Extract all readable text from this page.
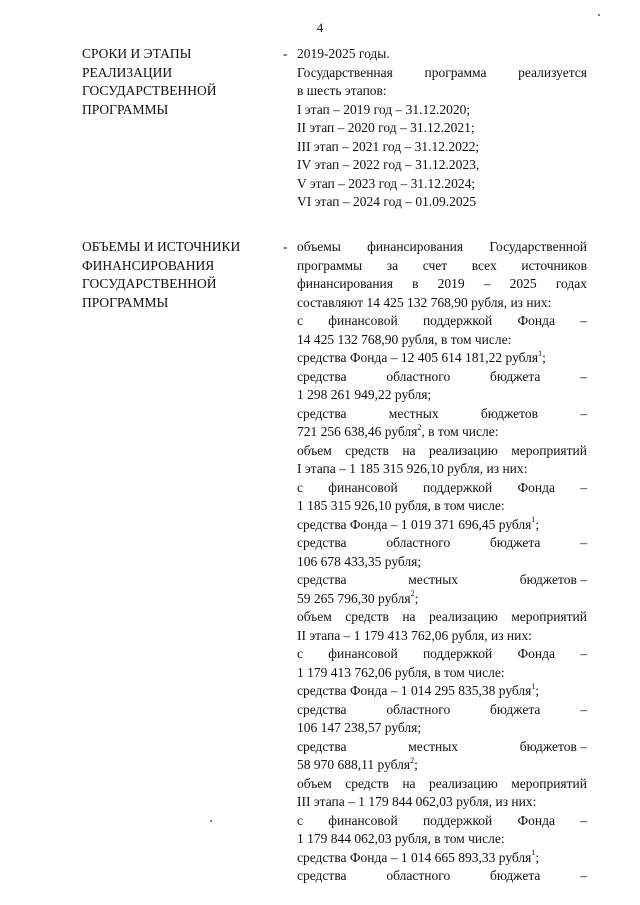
4
СРОКИ И ЭТАПЫ
РЕАЛИЗАЦИИ
ГОСУДАРСТВЕННОЙ
ПРОГРАММЫ
- 2019-2025 годы.
Государственная программа реализуется
в шесть этапов:
I этап – 2019 год – 31.12.2020;
II этап – 2020 год – 31.12.2021;
III этап – 2021 год – 31.12.2022;
IV этап – 2022 год – 31.12.2023,
V этап – 2023 год – 31.12.2024;
VI этап – 2024 год – 01.09.2025
ОБЪЕМЫ И ИСТОЧНИКИ
ФИНАНСИРОВАНИЯ
ГОСУДАРСТВЕННОЙ
ПРОГРАММЫ
- объемы финансирования Государственной
программы за счет всех источников
финансирования в 2019 – 2025 годах
составляют 14 425 132 768,90 рубля, из них:
с финансовой поддержкой Фонда –
14 425 132 768,90 рубля, в том числе:
средства Фонда – 12 405 614 181,22 рубля$^1$;
средства	областного	бюджета	–
1 298 261 949,22 рубля;
средства	местных	бюджетов	–
721 256 638,46 рубля$^2$, в том числе:
объем средств на реализацию мероприятий
I этапа – 1 185 315 926,10 рубля, из них:
с финансовой поддержкой Фонда –
1 185 315 926,10 рубля, в том числе:
средства Фонда – 1 019 371 696,45 рубля$^1$;
средства	областного	бюджета	–
106 678 433,35 рубля;
средства	местных	бюджетов –
59 265 796,30 рубля$^2$;
объем средств на реализацию мероприятий
II этапа – 1 179 413 762,06 рубля, из них:
с финансовой поддержкой Фонда –
1 179 413 762,06 рубля, в том числе:
средства Фонда – 1 014 295 835,38 рубля$^1$;
средства	областного	бюджета	–
106 147 238,57 рубля;
средства	местных	бюджетов –
58 970 688,11 рубля$^2$;
объем средств на реализацию мероприятий
III этапа – 1 179 844 062,03 рубля, из них:
с финансовой поддержкой Фонда –
1 179 844 062,03 рубля, в том числе:
средства Фонда – 1 014 665 893,33 рубля$^1$;
средства	областного	бюджета	–
